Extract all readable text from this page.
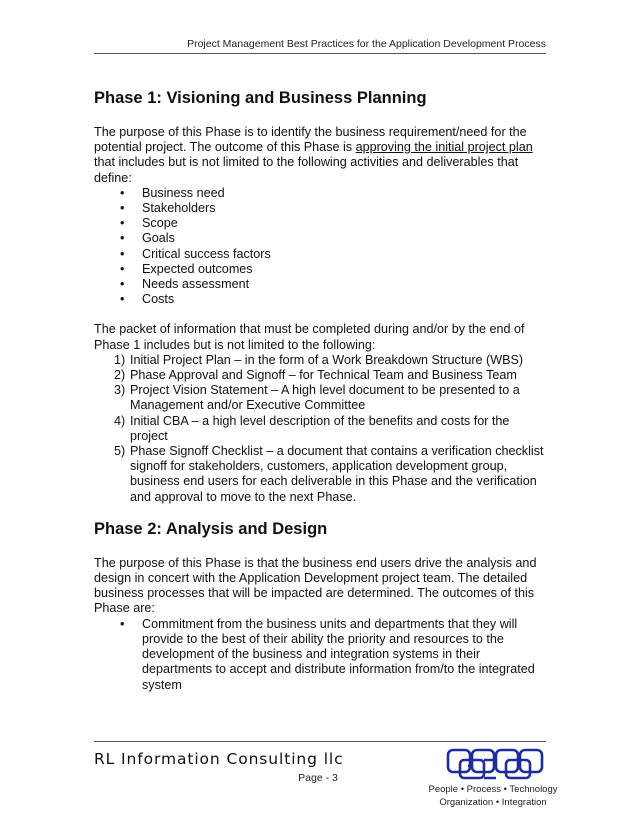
Project Management Best Practices for the Application Development Process
Phase 1: Visioning and Business Planning

The purpose of this Phase is to identify the business requirement/need for the potential project. The outcome of this Phase is approving the initial project plan that includes but is not limited to the following activities and deliverables that define:

• Business need
• Stakeholders
• Scope
• Goals
• Critical success factors
• Expected outcomes
• Needs assessment
• Costs

The packet of information that must be completed during and/or by the end of Phase 1 includes but is not limited to the following:

1) Initial Project Plan – in the form of a Work Breakdown Structure (WBS)
2) Phase Approval and Signoff – for Technical Team and Business Team
3) Project Vision Statement – A high level document to be presented to a Management and/or Executive Committee
4) Initial CBA – a high level description of the benefits and costs for the project
5) Phase Signoff Checklist – a document that contains a verification checklist signoff for stakeholders, customers, application development group, business end users for each deliverable in this Phase and the verification and approval to move to the next Phase.
Phase 2: Analysis and Design

The purpose of this Phase is that the business end users drive the analysis and design in concert with the Application Development project team. The detailed business processes that will be impacted are determined. The outcomes of this Phase are:

• Commitment from the business units and departments that they will provide to the best of their ability the priority and resources to the development of the business and integration systems in their departments to accept and distribute information from/to the integrated system
RL Information Consulting llc
Page - 3
People • Process • Technology
Organization • Integration
